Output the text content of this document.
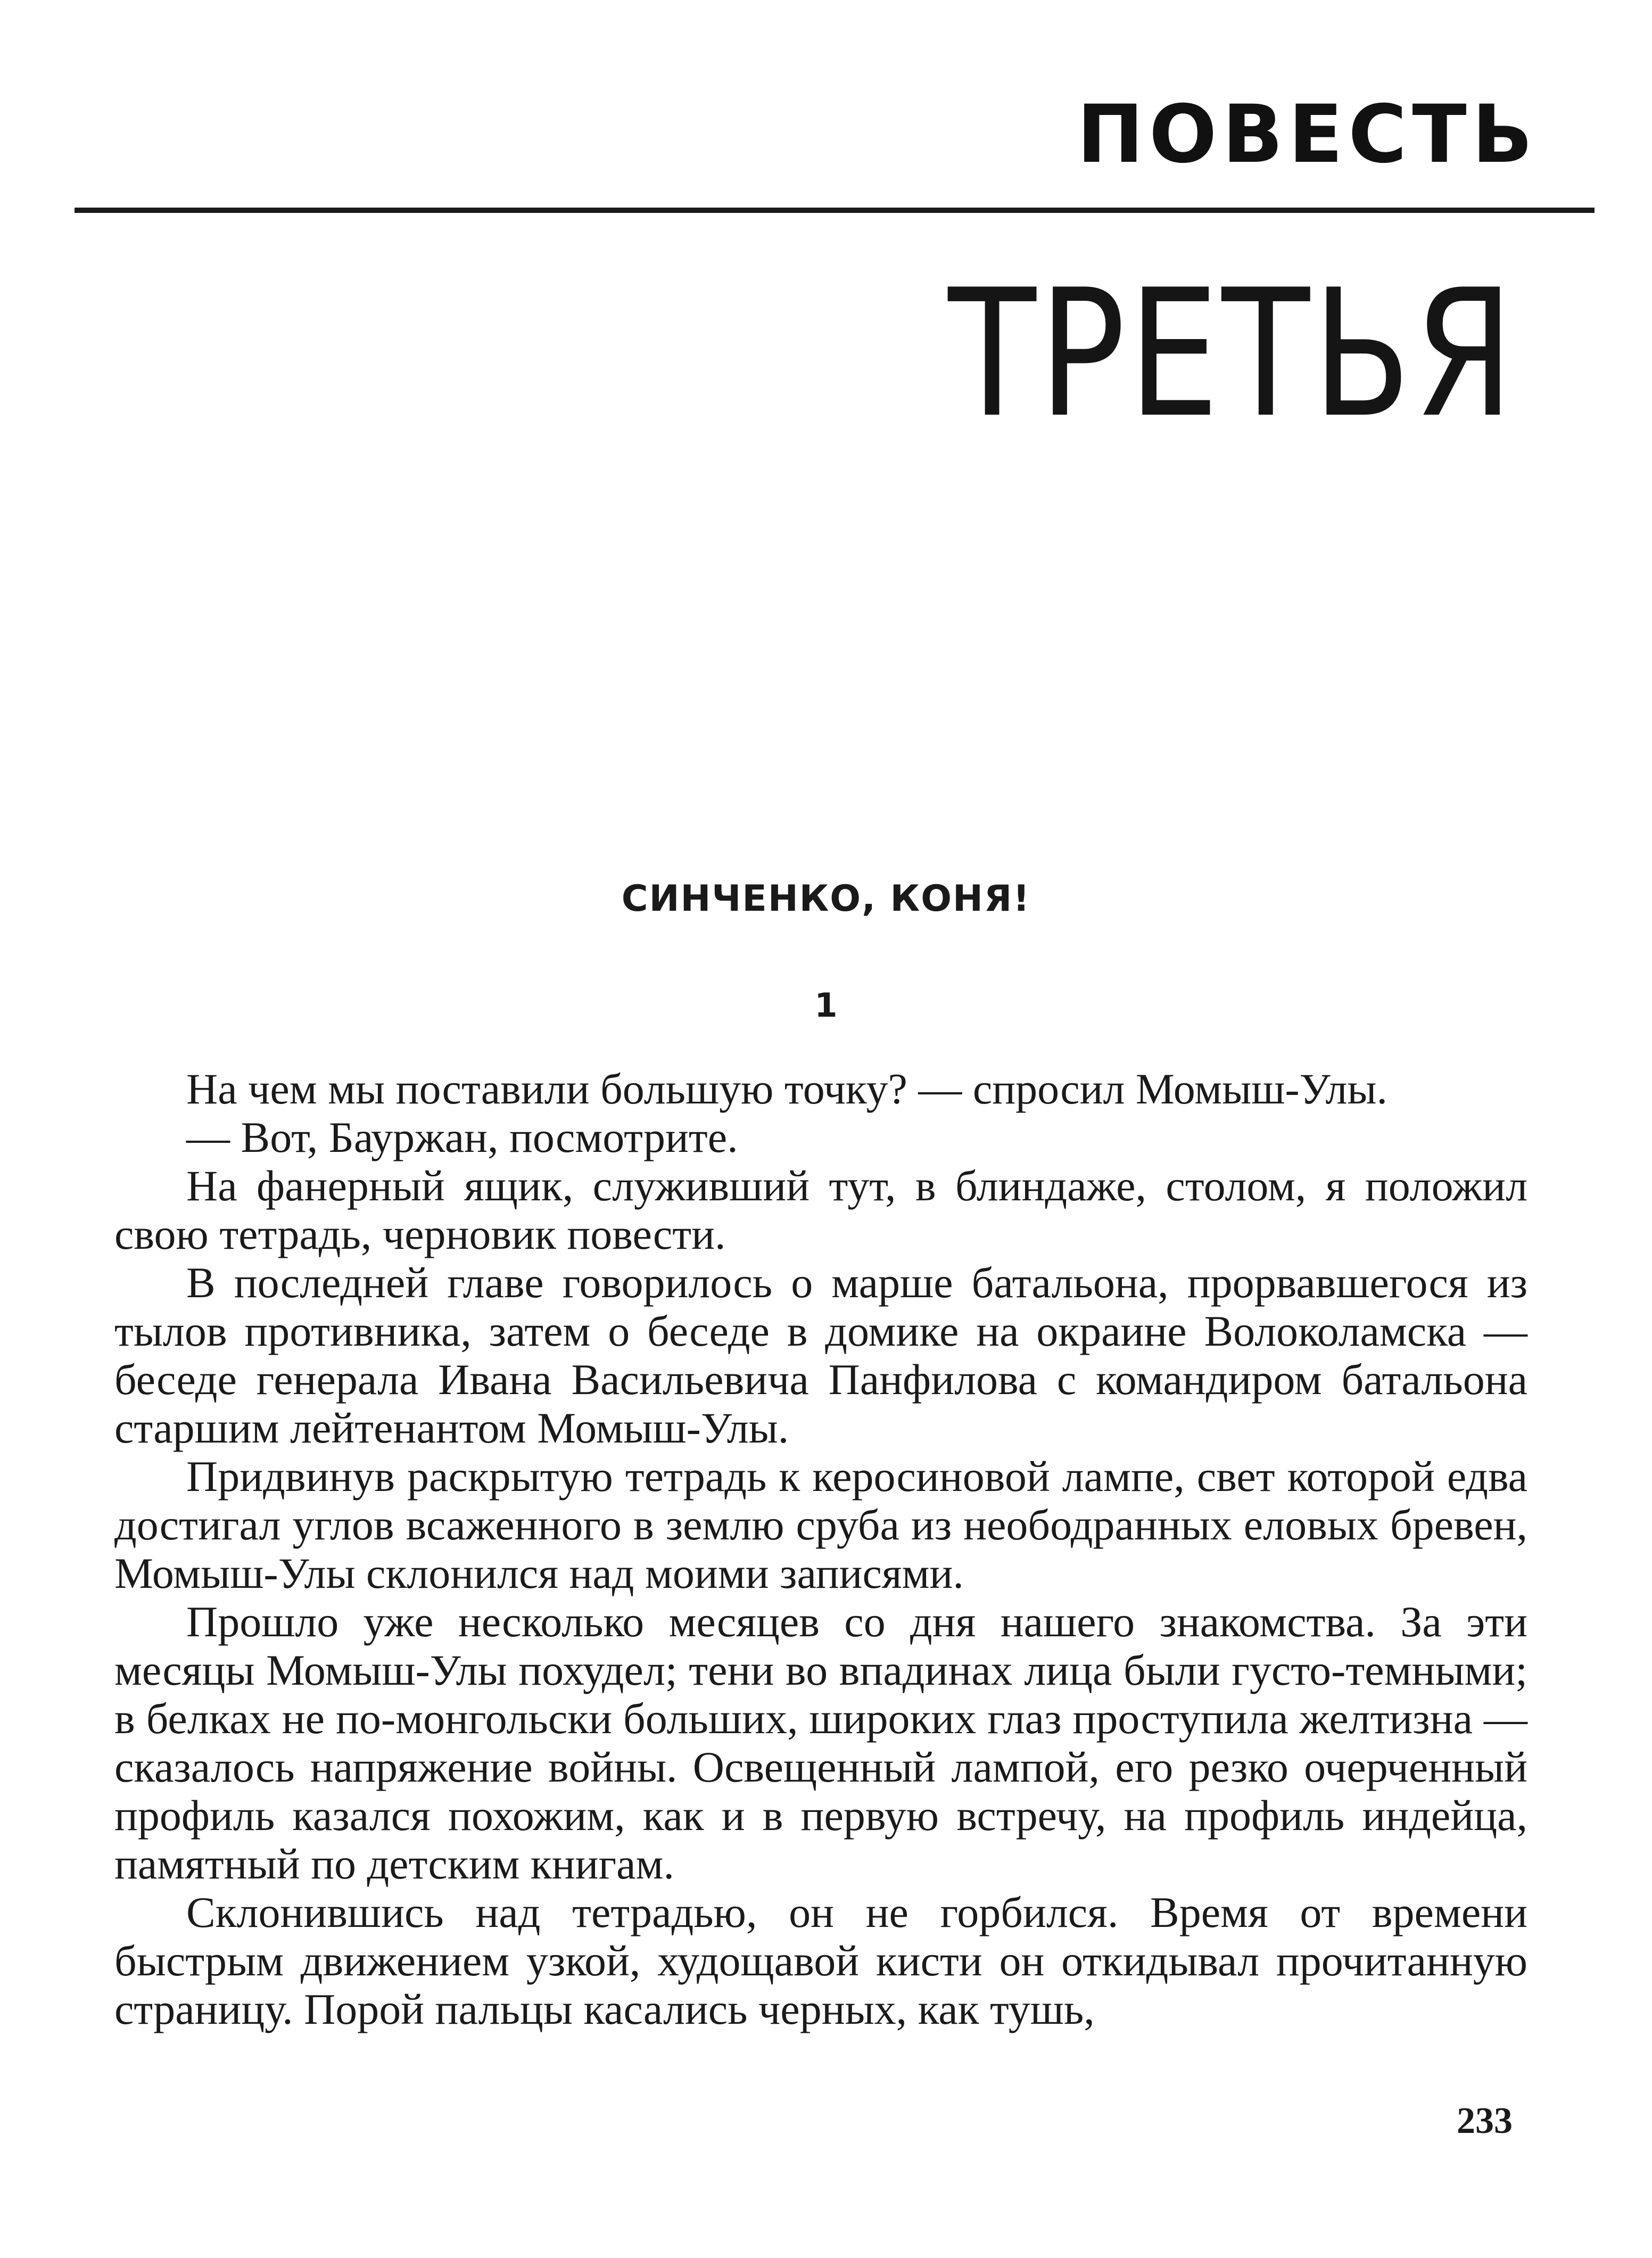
ПОВЕСТЬ
ТРЕТЬЯ
СИНЧЕНКО, КОНЯ!
1

На чем мы поставили большую точку? — спросил Момыш-Улы.

— Вот, Бауржан, посмотрите.

На фанерный ящик, служивший тут, в блиндаже, столом, я положил свою тетрадь, черновик повести.

В последней главе говорилось о марше батальона, прорвавшегося из тылов противника, затем о беседе в домике на окраине Волоколамска — беседе генерала Ивана Васильевича Панфилова с командиром батальона старшим лейтенантом Момыш-Улы.

Придвинув раскрытую тетрадь к керосиновой лампе, свет которой едва достигал углов всаженного в землю сруба из неободранных еловых бревен, Момыш-Улы склонился над моими записями.

Прошло уже несколько месяцев со дня нашего знакомства. За эти месяцы Момыш-Улы похудел; тени во впадинах лица были густо-темными; в белках не по-монгольски больших, широких глаз проступила желтизна — сказалось напряжение войны. Освещенный лампой, его резко очерченный профиль казался похожим, как и в первую встречу, на профиль индейца, памятный по детским книгам.

Склонившись над тетрадью, он не горбился. Время от времени быстрым движением узкой, худощавой кисти он откидывал прочитанную страницу. Порой пальцы касались черных, как тушь,

233
